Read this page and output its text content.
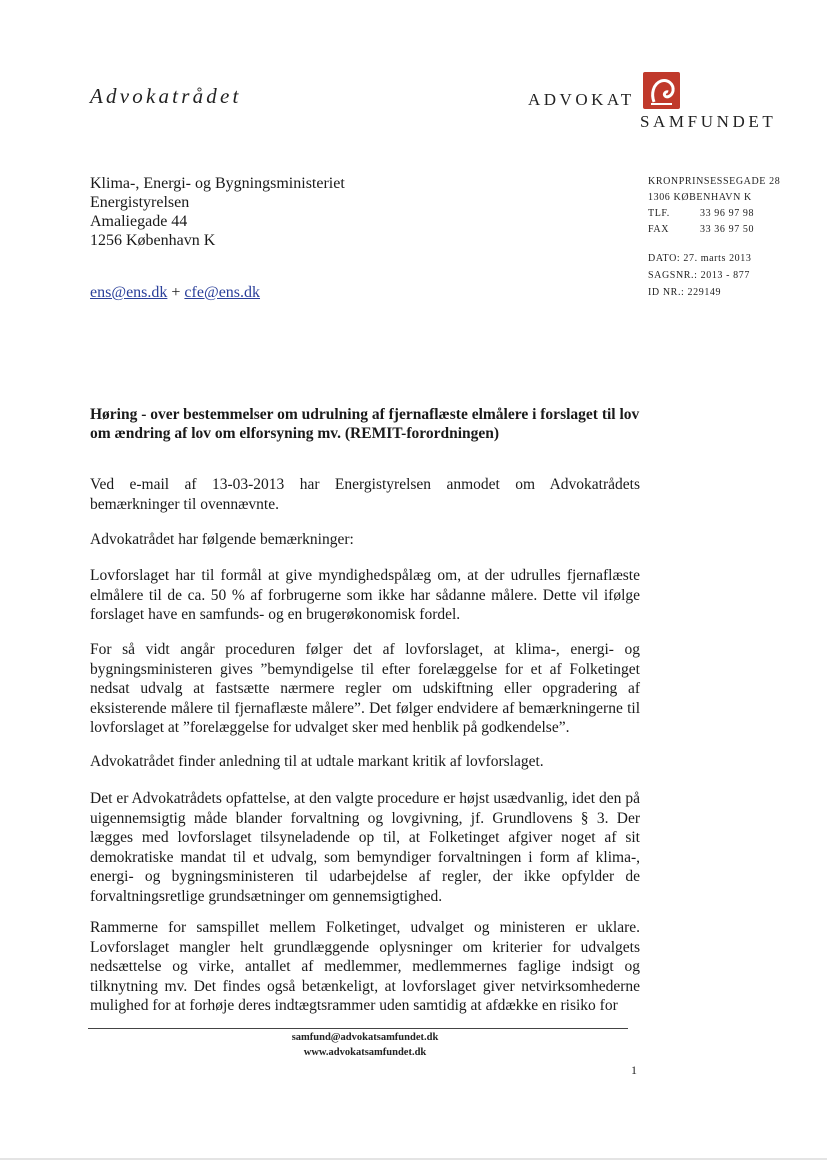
Advokatrådet	ADVOKAT
SAMFUNDET
Klima-, Energi- og Bygningsministeriet
Energistyrelsen
Amaliegade 44
1256 København K
ens@ens.dk + cfe@ens.dk
KRONPRINSESSEGADE 28
1306 KØBENHAVN K
TLF.	33 96 97 98
FAX	33 36 97 50
DATO: 27. marts 2013
SAGSNR.: 2013 - 877
ID NR.: 229149
Høring - over bestemmelser om udrulning af fjernaflæste elmålere i forslaget til lov om ændring af lov om elforsyning mv. (REMIT-forordningen)
Ved e-mail af 13-03-2013 har Energistyrelsen anmodet om Advokatrådets bemærkninger til ovennævnte.
Advokatrådet har følgende bemærkninger:
Lovforslaget har til formål at give myndighedspålæg om, at der udrulles fjernaflæste elmålere til de ca. 50 % af forbrugerne som ikke har sådanne målere. Dette vil ifølge forslaget have en samfunds- og en brugerøkonomisk fordel.
For så vidt angår proceduren følger det af lovforslaget, at klima-, energi- og bygningsministeren gives ”bemyndigelse til efter forelæggelse for et af Folketinget nedsat udvalg at fastsætte nærmere regler om udskiftning eller opgradering af eksisterende målere til fjernaflæste målere”. Det følger endvidere af bemærkningerne til lovforslaget at ”forelæggelse for udvalget sker med henblik på godkendelse”.
Advokatrådet finder anledning til at udtale markant kritik af lovforslaget.
Det er Advokatrådets opfattelse, at den valgte procedure er højst usædvanlig, idet den på uigennemsigtig måde blander forvaltning og lovgivning, jf. Grundlovens § 3. Der lægges med lovforslaget tilsyneladende op til, at Folketinget afgiver noget af sit demokratiske mandat til et udvalg, som bemyndiger forvaltningen i form af klima-, energi- og bygningsministeren til udarbejdelse af regler, der ikke opfylder de forvaltningsretlige grundsætninger om gennemsigtighed.
Rammerne for samspillet mellem Folketinget, udvalget og ministeren er uklare. Lovforslaget mangler helt grundlæggende oplysninger om kriterier for udvalgets nedsættelse og virke, antallet af medlemmer, medlemmernes faglige indsigt og tilknytning mv. Det findes også betænkeligt, at lovforslaget giver netvirksomhederne mulighed for at forhøje deres indtægtsrammer uden samtidig at afdække en risiko for
samfund@advokatsamfundet.dk
www.advokatsamfundet.dk
1
